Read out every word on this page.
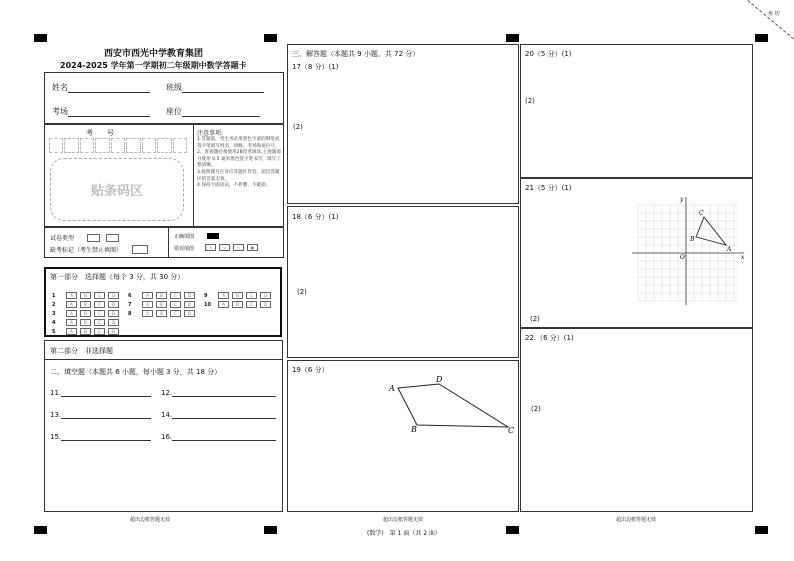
角 切
西安市西光中学教育集团
2024-2025 学年第一学期初二年级期中数学答题卡
姓名	班级
考场	座位
考　　号
贴条码区
注意事项:
1.答题前，考生务必用黑色字迹的钢笔或签字笔填写姓名、班级、考场和座位号。
2、客观题必须使用2B铅笔填涂,主观题部分使用 0.5 毫米黑色签字笔书写，填写工整清晰。
3.按照题号在对应答题区作答，超出答题区的答案无效。
4.保持卡面清洁，不折叠、不破损。
试卷类型
缺考标记（考生禁止填图）
正确填图
错误填图	×	√	○	●
第一部分　选择题（每个 3 分，共 30 分）
1	A	B	C	D
2	A	B	C	D
3	A	B	C	D
4	A	B	C	D
5	A	B	C	D
6	A	B	C	D
7	A	B	C	D
8	A	B	C	D
9	A	B	C	D
10	A	B	C	D
第二部分　非选择题
二、填空题（本题共 6 小题，每小题 3 分，共 18 分）
11.	12.
13.	14.
15.	16.
超出边框答题无效
三、解答题（本题共 9 小题，共 72 分）
17（8 分）(1)
(2)
18（6 分）(1)
(2)
19（6 分）
A
D
B	C
超出边框答题无效
(数学)　第 1 面（共 2 面）
20（5 分）(1)
(2)
21（5 分）(1)
(2)
x
y
O
A
B
C
22.（6 分）(1)
(2)
超出边框答题无效
